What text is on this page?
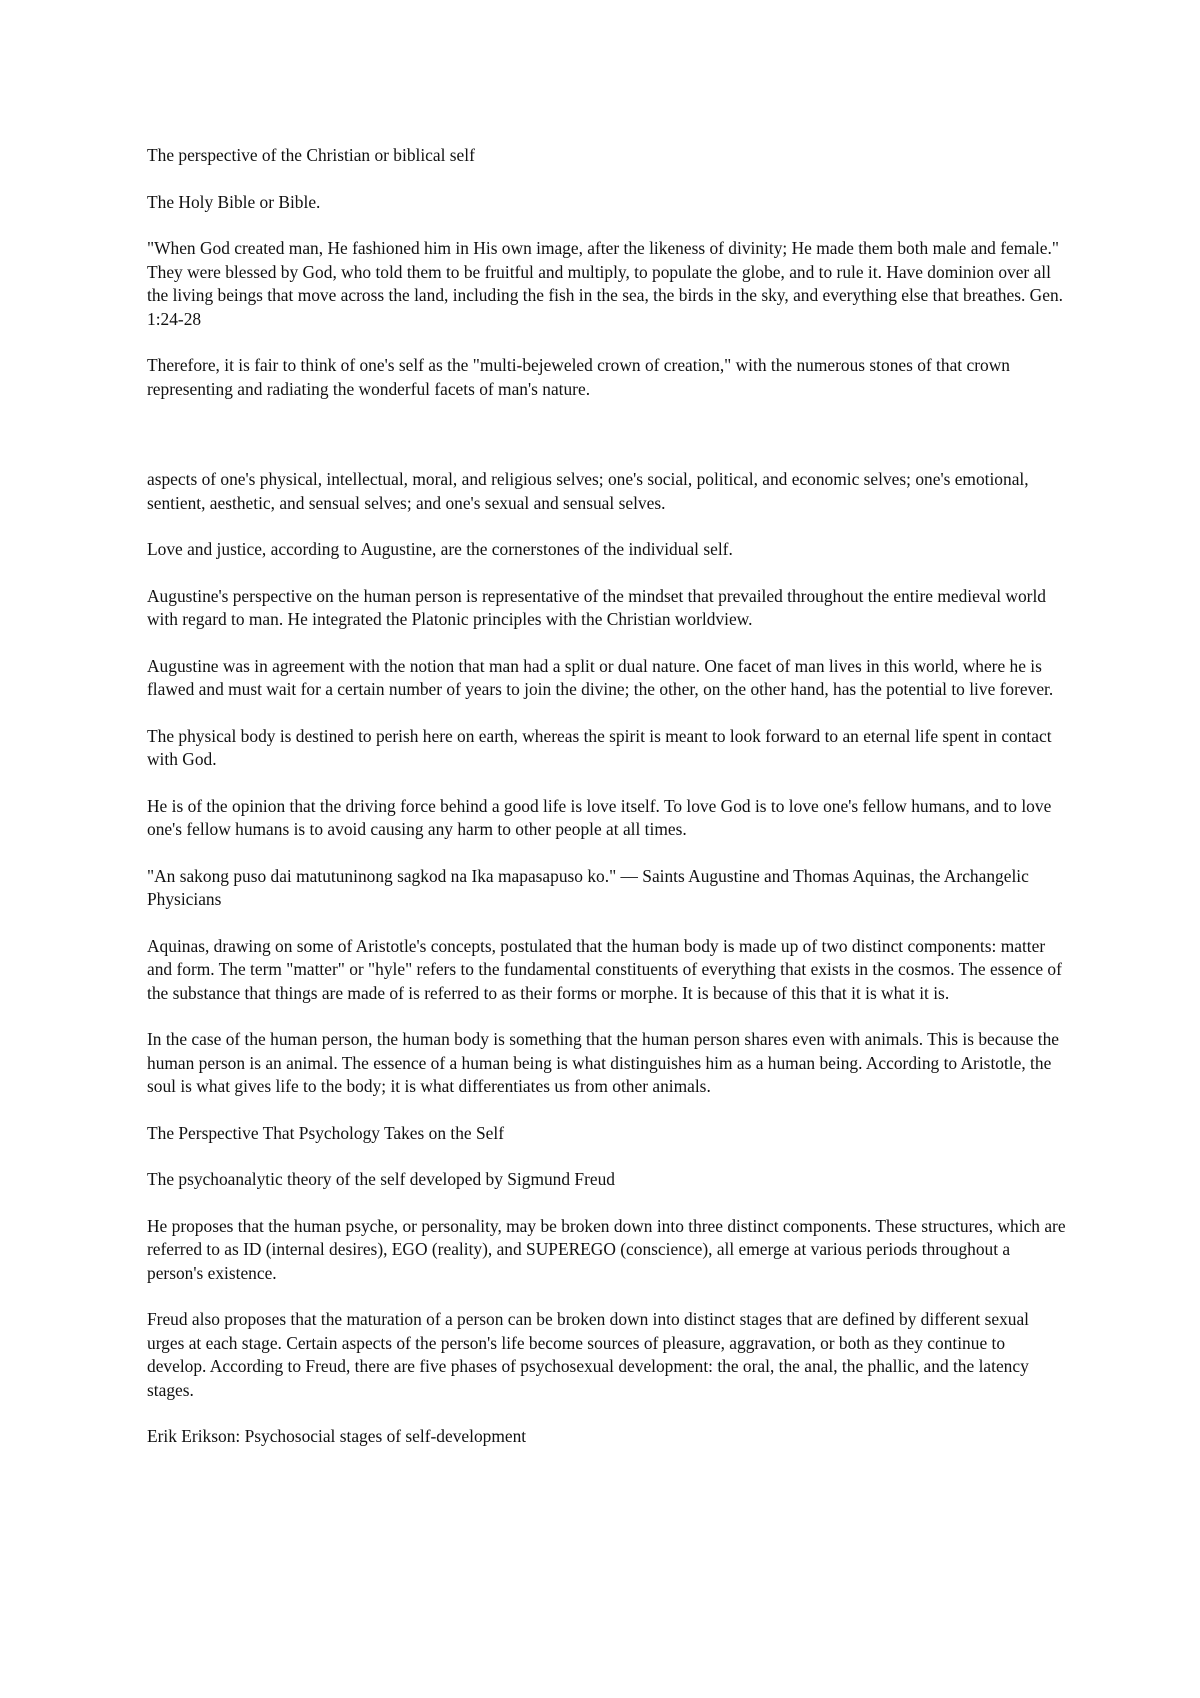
The perspective of the Christian or biblical self

The Holy Bible or Bible.

"When God created man, He fashioned him in His own image, after the likeness of divinity; He made them both male and female." They were blessed by God, who told them to be fruitful and multiply, to populate the globe, and to rule it. Have dominion over all the living beings that move across the land, including the fish in the sea, the birds in the sky, and everything else that breathes. Gen. 1:24-28

Therefore, it is fair to think of one's self as the "multi-bejeweled crown of creation," with the numerous stones of that crown representing and radiating the wonderful facets of man's nature.

aspects of one's physical, intellectual, moral, and religious selves; one's social, political, and economic selves; one's emotional, sentient, aesthetic, and sensual selves; and one's sexual and sensual selves.

Love and justice, according to Augustine, are the cornerstones of the individual self.

Augustine's perspective on the human person is representative of the mindset that prevailed throughout the entire medieval world with regard to man. He integrated the Platonic principles with the Christian worldview.

Augustine was in agreement with the notion that man had a split or dual nature. One facet of man lives in this world, where he is flawed and must wait for a certain number of years to join the divine; the other, on the other hand, has the potential to live forever.

The physical body is destined to perish here on earth, whereas the spirit is meant to look forward to an eternal life spent in contact with God.

He is of the opinion that the driving force behind a good life is love itself. To love God is to love one's fellow humans, and to love one's fellow humans is to avoid causing any harm to other people at all times.

"An sakong puso dai matutuninong sagkod na Ika mapasapuso ko." — Saints Augustine and Thomas Aquinas, the Archangelic Physicians

Aquinas, drawing on some of Aristotle's concepts, postulated that the human body is made up of two distinct components: matter and form. The term "matter" or "hyle" refers to the fundamental constituents of everything that exists in the cosmos. The essence of the substance that things are made of is referred to as their forms or morphe. It is because of this that it is what it is.

In the case of the human person, the human body is something that the human person shares even with animals. This is because the human person is an animal. The essence of a human being is what distinguishes him as a human being. According to Aristotle, the soul is what gives life to the body; it is what differentiates us from other animals.

The Perspective That Psychology Takes on the Self

The psychoanalytic theory of the self developed by Sigmund Freud

He proposes that the human psyche, or personality, may be broken down into three distinct components. These structures, which are referred to as ID (internal desires), EGO (reality), and SUPEREGO (conscience), all emerge at various periods throughout a person's existence.

Freud also proposes that the maturation of a person can be broken down into distinct stages that are defined by different sexual urges at each stage. Certain aspects of the person's life become sources of pleasure, aggravation, or both as they continue to develop. According to Freud, there are five phases of psychosexual development: the oral, the anal, the phallic, and the latency stages.

Erik Erikson: Psychosocial stages of self-development
